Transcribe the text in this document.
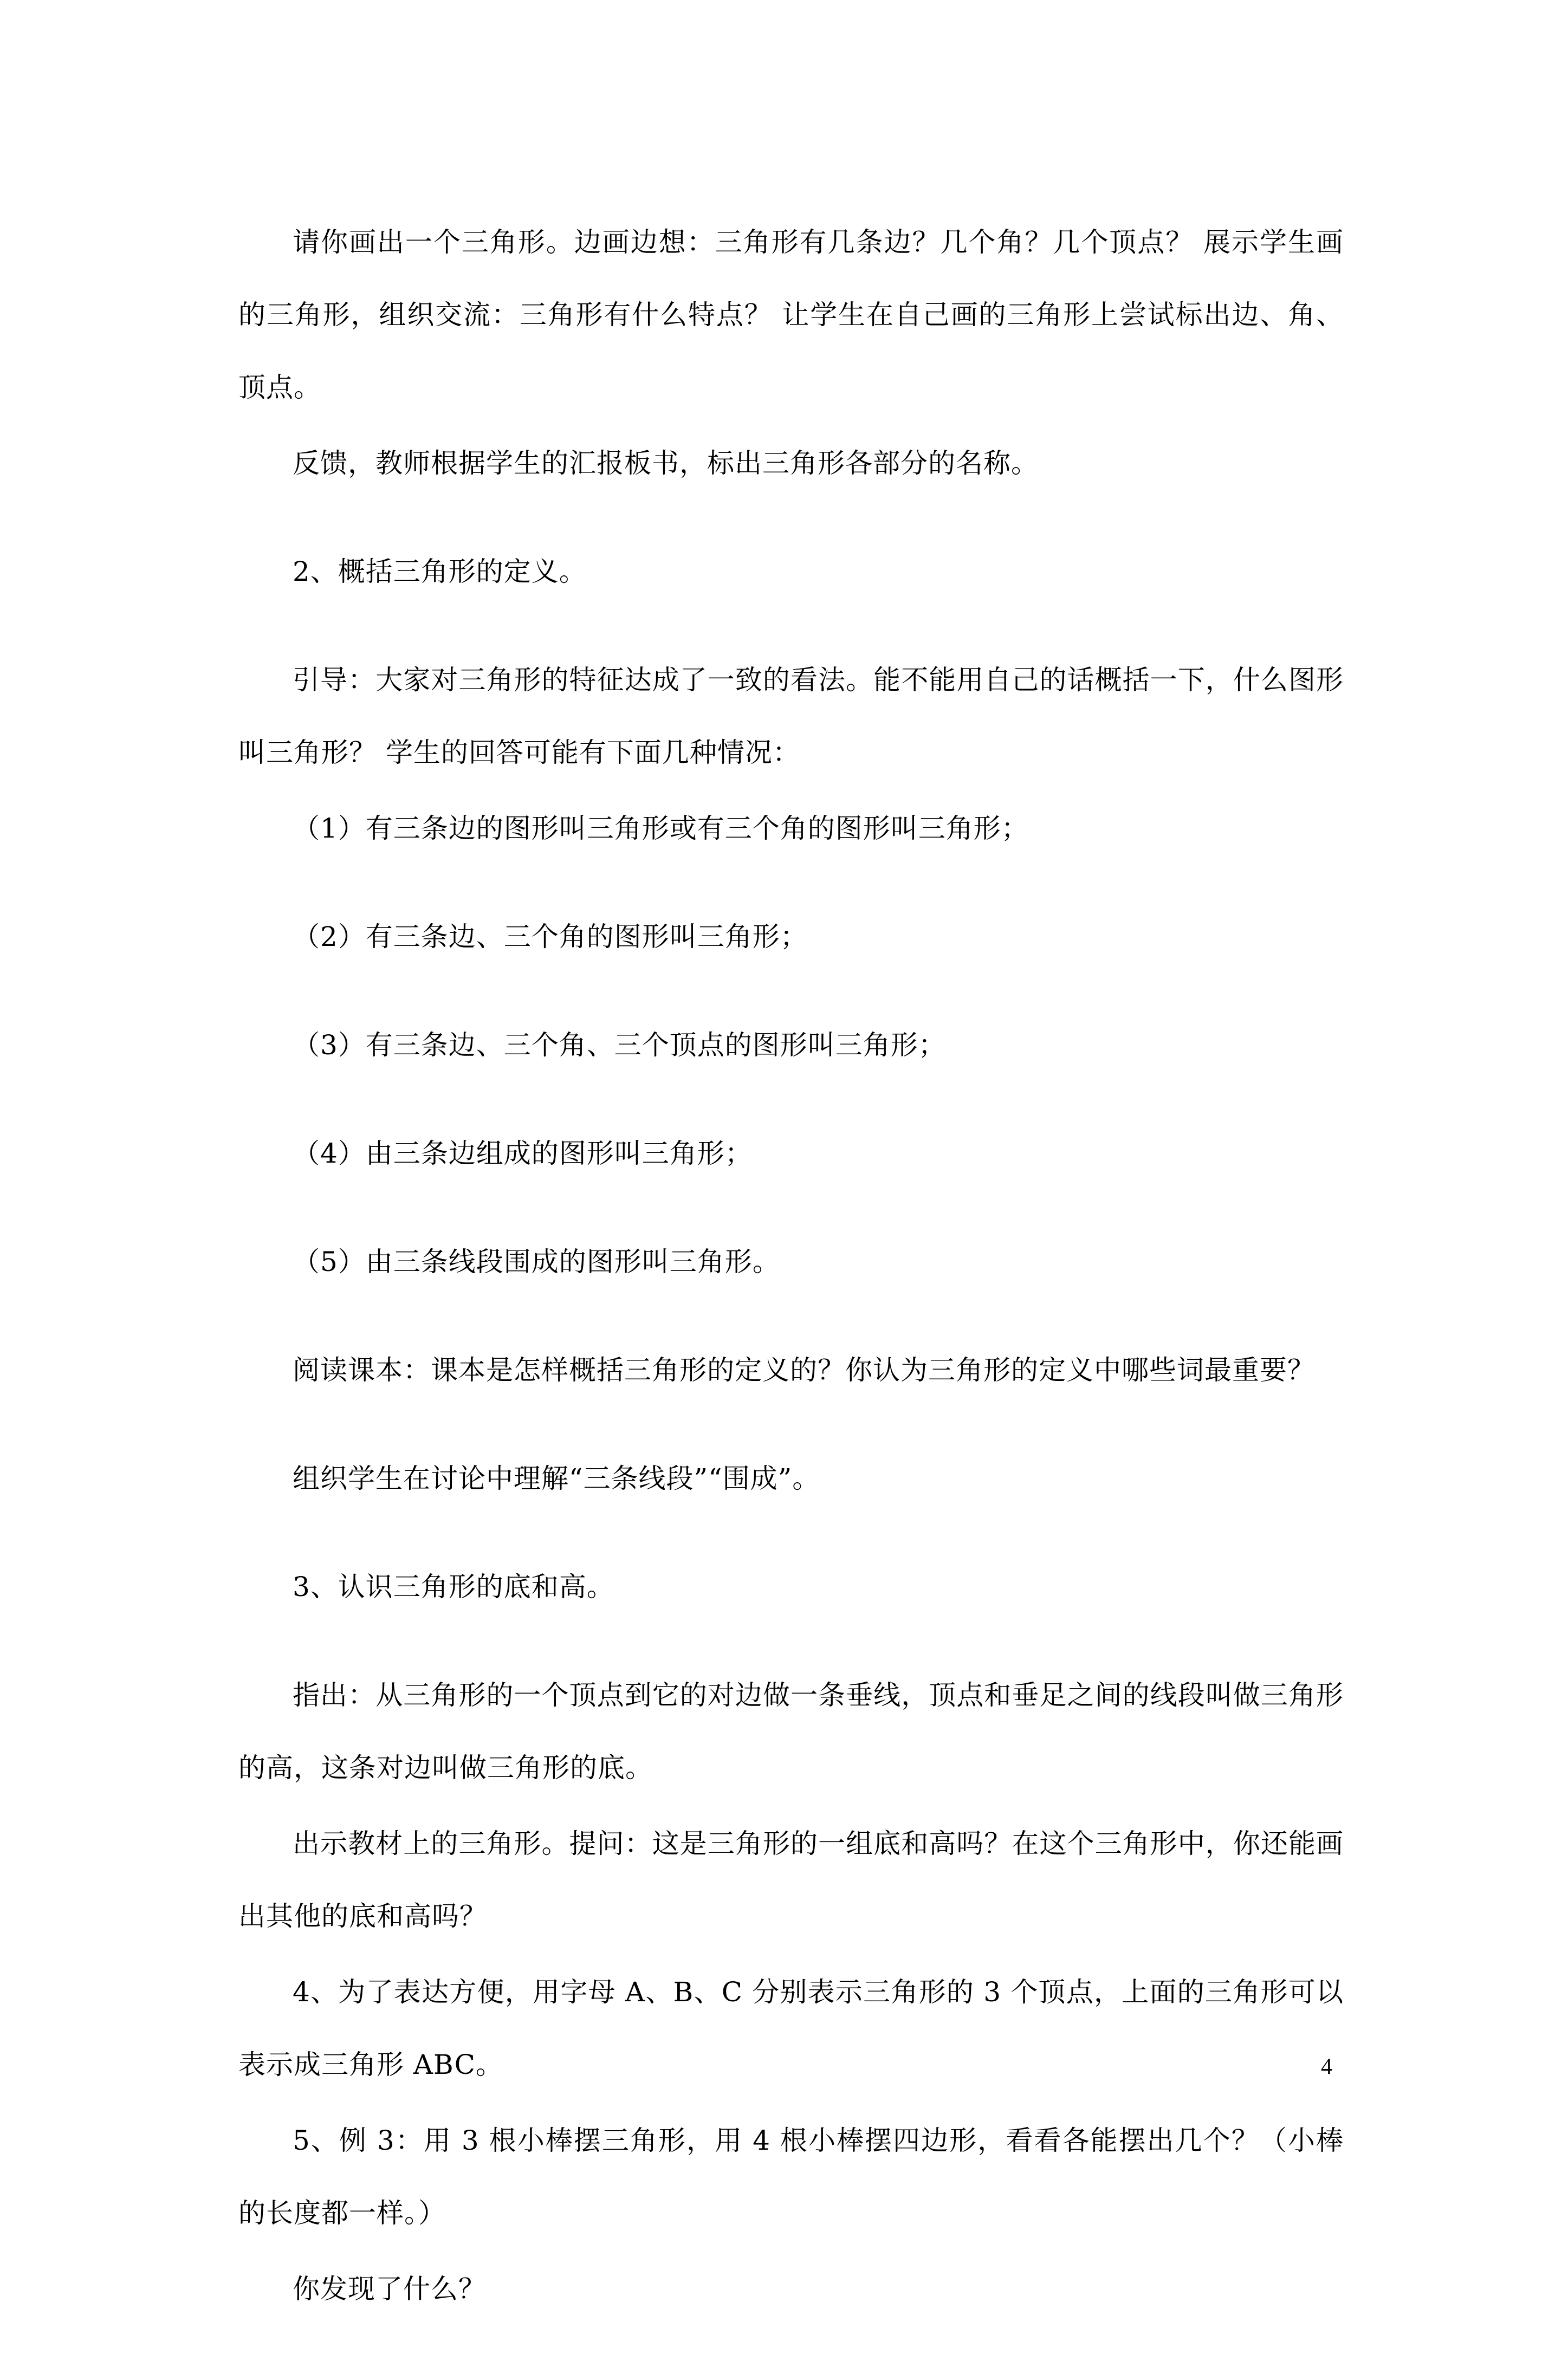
请你画出一个三角形。边画边想：三角形有几条边？几个角？几个顶点？ 展示学生画的三角形，组织交流：三角形有什么特点？ 让学生在自己画的三角形上尝试标出边、角、顶点。

反馈，教师根据学生的汇报板书，标出三角形各部分的名称。

2、概括三角形的定义。

引导：大家对三角形的特征达成了一致的看法。能不能用自己的话概括一下，什么图形叫三角形？ 学生的回答可能有下面几种情况：

（1）有三条边的图形叫三角形或有三个角的图形叫三角形；

（2）有三条边、三个角的图形叫三角形；

（3）有三条边、三个角、三个顶点的图形叫三角形；

（4）由三条边组成的图形叫三角形；

（5）由三条线段围成的图形叫三角形。

阅读课本：课本是怎样概括三角形的定义的？你认为三角形的定义中哪些词最重要？

组织学生在讨论中理解“三条线段”“围成”。

3、认识三角形的底和高。

指出：从三角形的一个顶点到它的对边做一条垂线，顶点和垂足之间的线段叫做三角形的高，这条对边叫做三角形的底。

出示教材上的三角形。提问：这是三角形的一组底和高吗？在这个三角形中，你还能画出其他的底和高吗？

4、为了表达方便，用字母 A、B、C 分别表示三角形的 3 个顶点，上面的三角形可以表示成三角形 ABC。

5、例 3：用 3 根小棒摆三角形，用 4 根小棒摆四边形，看看各能摆出几个？（小棒的长度都一样。）

你发现了什么？

4
